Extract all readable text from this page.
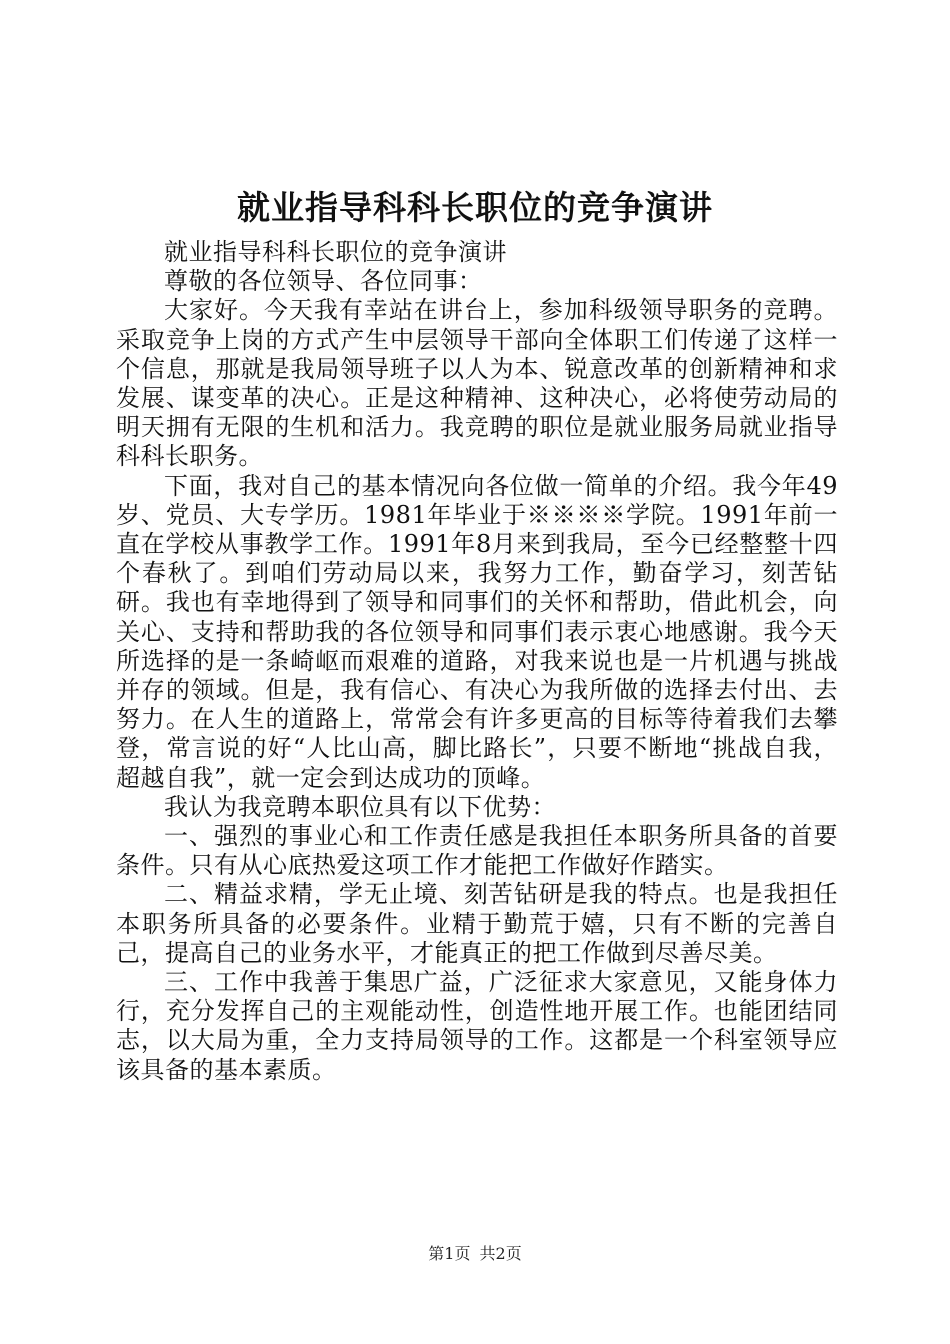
就业指导科科长职位的竞争演讲

就业指导科科长职位的竞争演讲

尊敬的各位领导、各位同事：

大家好。今天我有幸站在讲台上，参加科级领导职务的竞聘。采取竞争上岗的方式产生中层领导干部向全体职工们传递了这样一个信息，那就是我局领导班子以人为本、锐意改革的创新精神和求发展、谋变革的决心。正是这种精神、这种决心，必将使劳动局的明天拥有无限的生机和活力。我竞聘的职位是就业服务局就业指导科科长职务。

下面，我对自己的基本情况向各位做一简单的介绍。我今年49岁、党员、大专学历。1981年毕业于※※※※学院。1991年前一直在学校从事教学工作。1991年8月来到我局，至今已经整整十四个春秋了。到咱们劳动局以来，我努力工作，勤奋学习，刻苦钻研。我也有幸地得到了领导和同事们的关怀和帮助，借此机会，向关心、支持和帮助我的各位领导和同事们表示衷心地感谢。我今天所选择的是一条崎岖而艰难的道路，对我来说也是一片机遇与挑战并存的领域。但是，我有信心、有决心为我所做的选择去付出、去努力。在人生的道路上，常常会有许多更高的目标等待着我们去攀登，常言说的好“人比山高，脚比路长”，只要不断地“挑战自我，超越自我”，就一定会到达成功的顶峰。

我认为我竞聘本职位具有以下优势：

一、强烈的事业心和工作责任感是我担任本职务所具备的首要条件。只有从心底热爱这项工作才能把工作做好作踏实。

二、精益求精，学无止境、刻苦钻研是我的特点。也是我担任本职务所具备的必要条件。业精于勤荒于嬉，只有不断的完善自己，提高自己的业务水平，才能真正的把工作做到尽善尽美。

三、工作中我善于集思广益，广泛征求大家意见，又能身体力行，充分发挥自己的主观能动性，创造性地开展工作。也能团结同志，以大局为重，全力支持局领导的工作。这都是一个科室领导应该具备的基本素质。

第1页 共2页
